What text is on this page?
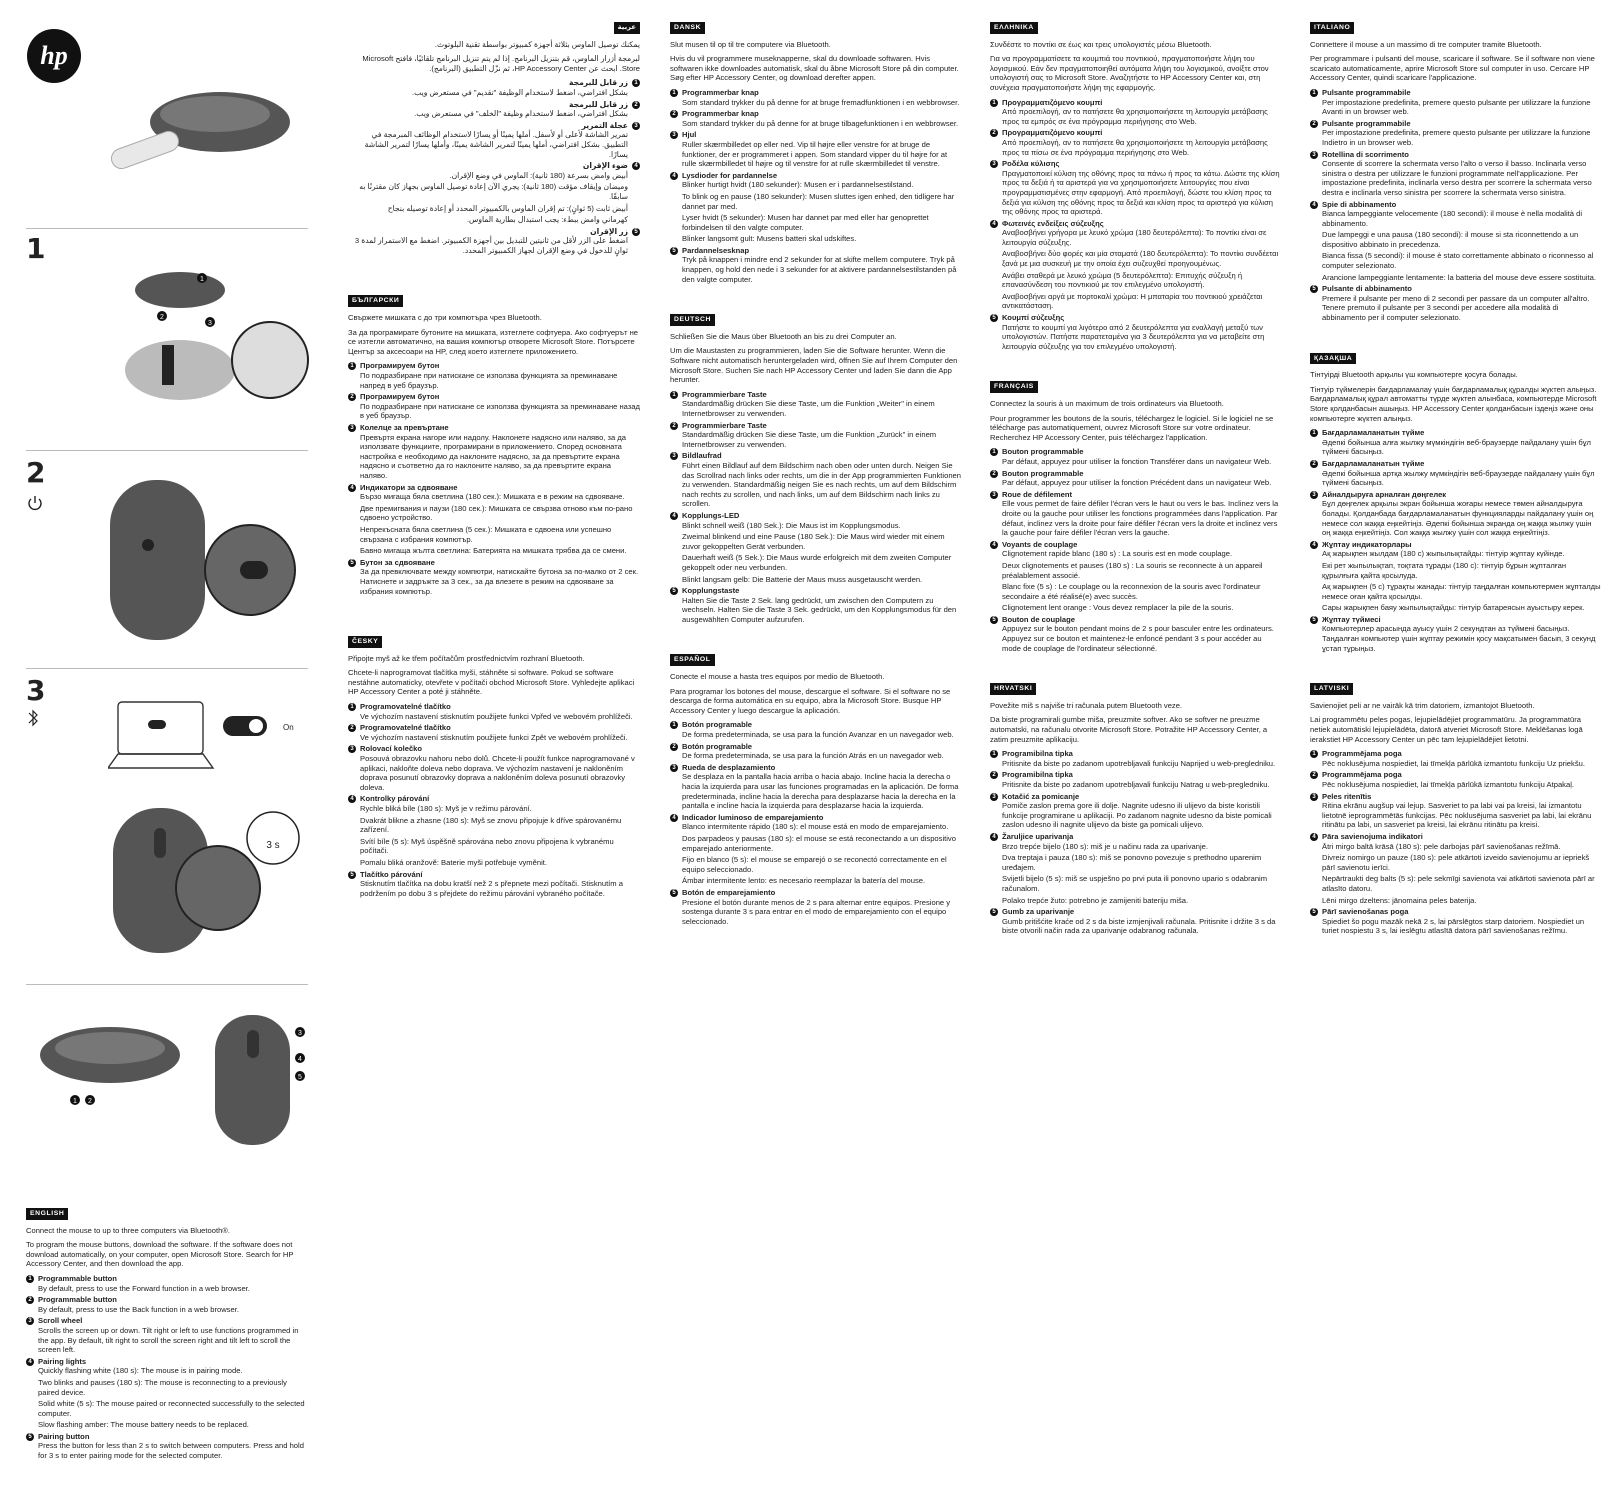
hp
1
1
2
3
2
3
On
3 s
1 2
3
4
5
ENGLISH

Connect the mouse to up to three computers via Bluetooth®.

To program the mouse buttons, download the software. If the software does not download automatically, on your computer, open Microsoft Store. Search for HP Accessory Center, and then download the app.

1 Programmable button

By default, press to use the Forward function in a web browser.

2 Programmable button

By default, press to use the Back function in a web browser.

3 Scroll wheel

Scrolls the screen up or down. Tilt right or left to use functions programmed in the app. By default, tilt right to scroll the screen right and tilt left to scroll the screen left.

4 Pairing lights

Quickly flashing white (180 s): The mouse is in pairing mode.

Two blinks and pauses (180 s): The mouse is reconnecting to a previously paired device.

Solid white (5 s): The mouse paired or reconnected successfully to the selected computer.

Slow flashing amber: The mouse battery needs to be replaced.

5 Pairing button

Press the button for less than 2 s to switch between computers. Press and hold for 3 s to enter pairing mode for the selected computer.

عربية

يمكنك توصيل الماوس بثلاثة أجهزة كمبيوتر بواسطة تقنية البلوتوث.

لبرمجة أزرار الماوس، قم بتنزيل البرنامج. إذا لم يتم تنزيل البرنامج تلقائيًا، فافتح Microsoft Store. ابحث عن HP Accessory Center، ثم نزّل التطبيق (البرنامج).

1
زر قابل للبرمجة

بشكل افتراضي، اضغط لاستخدام الوظيفة "تقديم" في مستعرض ويب.

2
زر قابل للبرمجة

بشكل افتراضي، اضغط لاستخدام وظيفة "الخلف" في مستعرض ويب.

3
عجلة التمرير

تمرير الشاشة لأعلى أو لأسفل. أملها يمينًا أو يسارًا لاستخدام الوظائف المبرمجة في التطبيق. بشكل افتراضي، أملها يمينًا لتمرير الشاشة يمينًا، وأملها يسارًا لتمرير الشاشة يسارًا.

4
ضوء الإقران

أبيض وامض بسرعة (180 ثانية): الماوس في وضع الإقران.

وميضان وإيقاف مؤقت (180 ثانية): يجري الآن إعادة توصيل الماوس بجهاز كان مقترنًا به سابقًا.

أبيض ثابت (5 ثوانٍ): تم إقران الماوس بالكمبيوتر المحدد أو إعادة توصيله بنجاح

كهرماني وامض ببطء: يجب استبدال بطارية الماوس.

5
زر الإقران

اضغط على الزر لأقل من ثانيتين للتبديل بين أجهزة الكمبيوتر. اضغط مع الاستمرار لمدة 3 ثوانٍ للدخول في وضع الإقران لجهاز الكمبيوتر المحدد.

БЪЛГАРСКИ

Свържете мишката с до три компютъра чрез Bluetooth.

За да програмирате бутоните на мишката, изтеглете софтуера. Ако софтуерът не се изтегли автоматично, на вашия компютър отворете Microsoft Store. Потърсете Център за аксесоари на HP, след което изтеглете приложението.

1 Програмируем бутон

По подразбиране при натискане се използва функцията за преминаване напред в уеб браузър.

2 Програмируем бутон

По подразбиране при натискане се използва функцията за преминаване назад в уеб браузър.

3 Колелце за превъртане

Превъртя екрана нагоре или надолу. Наклонете надясно или наляво, за да използвате функциите, програмирани в приложението. Според основната настройка е необходимо да наклоните надясно, за да превъртите екрана надясно и съответно да го наклоните наляво, за да превъртите екрана наляво.

4 Индикатори за сдвояване

Бързо мигаща бяла светлина (180 сек.): Мишката е в режим на сдвояване.

Две премигвания и паузи (180 сек.): Мишката се свързва отново към по-рано сдвоено устройство.

Непрекъсната бяла светлина (5 сек.): Мишката е сдвоена или успешно свързана с избрания компютър.

Бавно мигаща жълта светлина: Батерията на мишката трябва да се смени.

5 Бутон за сдвояване

За да превключвате между компютри, натискайте бутона за по-малко от 2 сек. Натиснете и задръжте за 3 сек., за да влезете в режим на сдвояване за избрания компютър.

ČESKY

Připojte myš až ke třem počítačům prostřednictvím rozhraní Bluetooth.

Chcete-li naprogramovat tlačítka myši, stáhněte si software. Pokud se software nestáhne automaticky, otevřete v počítači obchod Microsoft Store. Vyhledejte aplikaci HP Accessory Center a poté ji stáhněte.

1 Programovatelné tlačítko

Ve výchozím nastavení stisknutím použijete funkci Vpřed ve webovém prohlížeči.

2 Programovatelné tlačítko

Ve výchozím nastavení stisknutím použijete funkci Zpět ve webovém prohlížeči.

3 Rolovací kolečko

Posouvá obrazovku nahoru nebo dolů. Chcete-li použít funkce naprogramované v aplikaci, nakloňte doleva nebo doprava. Ve výchozím nastavení je nakloněním doprava posunutí obrazovky doprava a nakloněním doleva posunutí obrazovky doleva.

4 Kontrolky párování

Rychle bliká bíle (180 s): Myš je v režimu párování.

Dvakrát blikne a zhasne (180 s): Myš se znovu připojuje k dříve spárovanému zařízení.

Svítí bíle (5 s): Myš úspěšně spárována nebo znovu připojena k vybranému počítači.

Pomalu bliká oranžově: Baterie myši potřebuje vyměnit.

5 Tlačítko párování

Stisknutím tlačítka na dobu kratší než 2 s přepnete mezi počítači. Stisknutím a podržením po dobu 3 s přejdete do režimu párování vybraného počítače.

DANSK

Slut musen til op til tre computere via Bluetooth.

Hvis du vil programmere museknapperne, skal du downloade softwaren. Hvis softwaren ikke downloades automatisk, skal du åbne Microsoft Store på din computer. Søg efter HP Accessory Center, og download derefter appen.

1 Programmerbar knap

Som standard trykker du på denne for at bruge fremadfunktionen i en webbrowser.

2 Programmerbar knap

Som standard trykker du på denne for at bruge tilbagefunktionen i en webbrowser.

3 Hjul

Ruller skærmbilledet op eller ned. Vip til højre eller venstre for at bruge de funktioner, der er programmeret i appen. Som standard vipper du til højre for at rulle skærmbilledet til højre og til venstre for at rulle skærmbilledet til venstre.

4 Lysdioder for pardannelse

Blinker hurtigt hvidt (180 sekunder): Musen er i pardannelsestilstand.

To blink og en pause (180 sekunder): Musen sluttes igen enhed, den tidligere har dannet par med.

Lyser hvidt (5 sekunder): Musen har dannet par med eller har genoprettet forbindelsen til den valgte computer.

Blinker langsomt gult: Musens batteri skal udskiftes.

5 Pardannelsesknap

Tryk på knappen i mindre end 2 sekunder for at skifte mellem computere. Tryk på knappen, og hold den nede i 3 sekunder for at aktivere pardannelsestilstanden på den valgte computer.

DEUTSCH

Schließen Sie die Maus über Bluetooth an bis zu drei Computer an.

Um die Maustasten zu programmieren, laden Sie die Software herunter. Wenn die Software nicht automatisch heruntergeladen wird, öffnen Sie auf Ihrem Computer den Microsoft Store. Suchen Sie nach HP Accessory Center und laden Sie dann die App herunter.

1 Programmierbare Taste

Standardmäßig drücken Sie diese Taste, um die Funktion „Weiter" in einem Internetbrowser zu verwenden.

2 Programmierbare Taste

Standardmäßig drücken Sie diese Taste, um die Funktion „Zurück" in einem Internetbrowser zu verwenden.

3 Bildlaufrad

Führt einen Bildlauf auf dem Bildschirm nach oben oder unten durch. Neigen Sie das Scrollrad nach links oder rechts, um die in der App programmierten Funktionen zu verwenden. Standardmäßig neigen Sie es nach rechts, um auf dem Bildschirm nach rechts zu scrollen, und nach links, um auf dem Bildschirm nach links zu scrollen.

4 Kopplungs-LED

Blinkt schnell weiß (180 Sek.): Die Maus ist im Kopplungsmodus.

Zweimal blinkend und eine Pause (180 Sek.): Die Maus wird wieder mit einem zuvor gekoppelten Gerät verbunden.

Dauerhaft weiß (5 Sek.): Die Maus wurde erfolgreich mit dem zweiten Computer gekoppelt oder neu verbunden.

Blinkt langsam gelb: Die Batterie der Maus muss ausgetauscht werden.

5 Kopplungstaste

Halten Sie die Taste 2 Sek. lang gedrückt, um zwischen den Computern zu wechseln. Halten Sie die Taste 3 Sek. gedrückt, um den Kopplungsmodus für den ausgewählten Computer aufzurufen.

ESPAÑOL

Conecte el mouse a hasta tres equipos por medio de Bluetooth.

Para programar los botones del mouse, descargue el software. Si el software no se descarga de forma automática en su equipo, abra la Microsoft Store. Busque HP Accessory Center y luego descargue la aplicación.

1 Botón programable

De forma predeterminada, se usa para la función Avanzar en un navegador web.

2 Botón programable

De forma predeterminada, se usa para la función Atrás en un navegador web.

3 Rueda de desplazamiento

Se desplaza en la pantalla hacia arriba o hacia abajo. Incline hacia la derecha o hacia la izquierda para usar las funciones programadas en la aplicación. De forma predeterminada, incline hacia la derecha para desplazarse hacia la derecha en la pantalla e incline hacia la izquierda para desplazarse hacia la izquierda.

4 Indicador luminoso de emparejamiento

Blanco intermitente rápido (180 s): el mouse está en modo de emparejamiento.

Dos parpadeos y pausas (180 s): el mouse se está reconectando a un dispositivo emparejado anteriormente.

Fijo en blanco (5 s): el mouse se emparejó o se reconectó correctamente en el equipo seleccionado.

Ámbar intermitente lento: es necesario reemplazar la batería del mouse.

5 Botón de emparejamiento

Presione el botón durante menos de 2 s para alternar entre equipos. Presione y sostenga durante 3 s para entrar en el modo de emparejamiento con el equipo seleccionado.

ΕΛΛΗΝΙΚΑ

Συνδέστε το ποντίκι σε έως και τρεις υπολογιστές μέσω Bluetooth.

Για να προγραμματίσετε τα κουμπιά του ποντικιού, πραγματοποιήστε λήψη του λογισμικού. Εάν δεν πραγματοποιηθεί αυτόματα λήψη του λογισμικού, ανοίξτε στον υπολογιστή σας το Microsoft Store. Αναζητήστε το HP Accessory Center και, στη συνέχεια πραγματοποιήστε λήψη της εφαρμογής.

1 Προγραμματιζόμενο κουμπί

Από προεπιλογή, αν το πατήσετε θα χρησιμοποιήσετε τη λειτουργία μετάβασης προς τα εμπρός σε ένα πρόγραμμα περιήγησης στο Web.

2 Προγραμματιζόμενο κουμπί

Από προεπιλογή, αν το πατήσετε θα χρησιμοποιήσετε τη λειτουργία μετάβασης προς τα πίσω σε ένα πρόγραμμα περιήγησης στο Web.

3 Ροδέλα κύλισης

Πραγματοποιεί κύλιση της οθόνης προς τα πάνω ή προς τα κάτω. Δώστε της κλίση προς τα δεξιά ή τα αριστερά για να χρησιμοποιήσετε λειτουργίες που είναι προγραμματισμένες στην εφαρμογή. Από προεπιλογή, δώστε του κλίση προς τα δεξιά για κύλιση της οθόνης προς τα δεξιά και κλίση προς τα αριστερά για κύλιση της οθόνης προς τα αριστερά.

4 Φωτεινές ενδείξεις σύζευξης

Αναβοσβήνει γρήγορα με λευκό χρώμα (180 δευτερόλεπτα): Το ποντίκι είναι σε λειτουργία σύζευξης.

Αναβοσβήνει δύο φορές και μία σταματά (180 δευτερόλεπτα): Το ποντίκι συνδέεται ξανά με μια συσκευή με την οποία έχει συζευχθεί προηγουμένως.

Ανάβει σταθερά με λευκό χρώμα (5 δευτερόλεπτα): Επιτυχής σύζευξη ή επανασύνδεση του ποντικιού με τον επιλεγμένο υπολογιστή.

Αναβοσβήνει αργά με πορτοκαλί χρώμα: Η μπαταρία του ποντικιού χρειάζεται αντικατάσταση.

5 Κουμπί σύζευξης

Πατήστε το κουμπί για λιγότερο από 2 δευτερόλεπτα για εναλλαγή μεταξύ των υπολογιστών. Πατήστε παρατεταμένα για 3 δευτερόλεπτα για να μεταβείτε στη λειτουργία σύζευξης για τον επιλεγμένο υπολογιστή.

FRANÇAIS

Connectez la souris à un maximum de trois ordinateurs via Bluetooth.

Pour programmer les boutons de la souris, téléchargez le logiciel. Si le logiciel ne se télécharge pas automatiquement, ouvrez Microsoft Store sur votre ordinateur. Recherchez HP Accessory Center, puis téléchargez l'application.

1 Bouton programmable

Par défaut, appuyez pour utiliser la fonction Transférer dans un navigateur Web.

2 Bouton programmable

Par défaut, appuyez pour utiliser la fonction Précédent dans un navigateur Web.

3 Roue de défilement

Elle vous permet de faire défiler l'écran vers le haut ou vers le bas. Inclinez vers la droite ou la gauche pour utiliser les fonctions programmées dans l'application. Par défaut, inclinez vers la droite pour faire défiler l'écran vers la droite et inclinez vers la gauche pour faire défiler l'écran vers la gauche.

4 Voyants de couplage

Clignotement rapide blanc (180 s) : La souris est en mode couplage.

Deux clignotements et pauses (180 s) : La souris se reconnecte à un appareil préalablement associé.

Blanc fixe (5 s) : Le couplage ou la reconnexion de la souris avec l'ordinateur secondaire a été réalisé(e) avec succès.

Clignotement lent orange : Vous devez remplacer la pile de la souris.

5 Bouton de couplage

Appuyez sur le bouton pendant moins de 2 s pour basculer entre les ordinateurs. Appuyez sur ce bouton et maintenez-le enfoncé pendant 3 s pour accéder au mode de couplage de l'ordinateur sélectionné.

HRVATSKI

Povežite miš s najviše tri računala putem Bluetooth veze.

Da biste programirali gumbe miša, preuzmite softver. Ako se softver ne preuzme automatski, na računalu otvorite Microsoft Store. Potražite HP Accessory Center, a zatim preuzmite aplikaciju.

1 Programibilna tipka

Pritisnite da biste po zadanom upotrebljavali funkciju Naprijed u web-pregledniku.

2 Programibilna tipka

Pritisnite da biste po zadanom upotrebljavali funkciju Natrag u web-pregledniku.

3 Kotačić za pomicanje

Pomiče zaslon prema gore ili dolje. Nagnite udesno ili ulijevo da biste koristili funkcije programirane u aplikaciji. Po zadanom nagnite udesno da biste pomicali zaslon udesno ili nagnite ulijevo da biste ga pomicali ulijevo.

4 Žaruljice uparivanja

Brzo trepće bijelo (180 s): miš je u načinu rada za uparivanje.

Dva treptaja i pauza (180 s): miš se ponovno povezuje s prethodno uparenim uređajem.

Svijetli bijelo (5 s): miš se uspješno po prvi puta ili ponovno upario s odabranim računalom.

Polako trepće žuto: potrebno je zamijeniti bateriju miša.

5 Gumb za uparivanje

Gumb pritišćite kraće od 2 s da biste izmjenjivali računala. Pritisnite i držite 3 s da biste otvorili način rada za uparivanje odabranog računala.

ITALIANO

Connettere il mouse a un massimo di tre computer tramite Bluetooth.

Per programmare i pulsanti del mouse, scaricare il software. Se il software non viene scaricato automaticamente, aprire Microsoft Store sul computer in uso. Cercare HP Accessory Center, quindi scaricare l'applicazione.

1 Pulsante programmabile

Per impostazione predefinita, premere questo pulsante per utilizzare la funzione Avanti in un browser web.

2 Pulsante programmabile

Per impostazione predefinita, premere questo pulsante per utilizzare la funzione Indietro in un browser web.

3 Rotellina di scorrimento

Consente di scorrere la schermata verso l'alto o verso il basso. Inclinarla verso sinistra o destra per utilizzare le funzioni programmate nell'applicazione. Per impostazione predefinita, inclinarla verso destra per scorrere la schermata verso destra e inclinarla verso sinistra per scorrere la schermata verso sinistra.

4 Spie di abbinamento

Bianca lampeggiante velocemente (180 secondi): il mouse è nella modalità di abbinamento.

Due lampeggi e una pausa (180 secondi): il mouse si sta riconnettendo a un dispositivo abbinato in precedenza.

Bianca fissa (5 secondi): il mouse è stato correttamente abbinato o riconnesso al computer selezionato.

Arancione lampeggiante lentamente: la batteria del mouse deve essere sostituita.

5 Pulsante di abbinamento

Premere il pulsante per meno di 2 secondi per passare da un computer all'altro. Tenere premuto il pulsante per 3 secondi per accedere alla modalità di abbinamento per il computer selezionato.

ҚАЗАҚША

Тінтуірді Bluetooth арқылы үш компьютерге қосуға болады.

Тінтуір түймелерін бағдарламалау үшін бағдарламалық құралды жүктеп алыңыз. Бағдарламалық құрал автоматты түрде жүктеп алынбаса, компьютерде Microsoft Store қолданбасын ашыңыз. HP Accessory Center қолданбасын іздеңіз және оны компьютерге жүктеп алыңыз.

1 Бағдарламаланатын түйме

Әдепкі бойынша алға жылжу мүмкіндігін веб-браузерде пайдалану үшін бұл түймені басыңыз.

2 Бағдарламаланатын түйме

Әдепкі бойынша артқа жылжу мүмкіндігін веб-браузерде пайдалану үшін бұл түймені басыңыз.

3 Айналдыруға арналған дөңгелек

Бұл дөңгелек арқылы экран бойынша жоғары немесе төмен айналдыруға болады. Қолданбада бағдарламаланатын функцияларды пайдалану үшін оң немесе сол жаққа еңкейтіңіз. Әдепкі бойынша экранда оң жаққа жылжу үшін оң жаққа еңкейтіңіз. Сол жаққа жылжу үшін сол жаққа еңкейтіңіз.

4 Жұптау индикаторлары

Ақ жарықпен жылдам (180 с) жыпылықтайды: тінтуір жұптау күйінде.

Екі рет жыпылықтап, тоқтата тұрады (180 с): тінтуір бұрын жұпталған құрылғыға қайта қосылуда.

Ақ жарықпен (5 с) тұрақты жанады: тінтуір таңдалған компьютермен жұпталды немесе оған қайта қосылды.

Сары жарықпен баяу жыпылықтайды: тінтуір батареясын ауыстыру керек.

5 Жұптау түймесі

Компьютерлер арасында ауысу үшін 2 секундтан аз түймені басыңыз. Таңдалған компьютер үшін жұптау режимін қосу мақсатымен басып, 3 секунд ұстап тұрыңыз.

LATVISKI

Savienojiet peli ar ne vairāk kā trim datoriem, izmantojot Bluetooth.

Lai programmētu peles pogas, lejupielādējiet programmatūru. Ja programmatūra netiek automātiski lejupielādēta, datorā atveriet Microsoft Store. Meklēšanas logā ierakstiet HP Accessory Center un pēc tam lejupielādējiet lietotni.

1 Programmējama poga

Pēc noklusējuma nospiediet, lai tīmekļa pārlūkā izmantotu funkciju Uz priekšu.

2 Programmējama poga

Pēc noklusējuma nospiediet, lai tīmekļa pārlūkā izmantotu funkciju Atpakaļ.

3 Peles ritenītis

Ritina ekrānu augšup vai lejup. Sasveriet to pa labi vai pa kreisi, lai izmantotu lietotnē ieprogrammētās funkcijas. Pēc noklusējuma sasveriet pa labi, lai ekrānu ritinātu pa labi, un sasveriet pa kreisi, lai ekrānu ritinātu pa kreisi.

4 Pāra savienojuma indikatori

Ātri mirgo baltā krāsā (180 s): pele darbojas pārī savienošanas režīmā.

Divreiz nomirgo un pauze (180 s): pele atkārtoti izveido savienojumu ar iepriekš pārī savienotu ierīci.

Nepārtraukti deg balts (5 s): pele sekmīgi savienota vai atkārtoti savienota pārī ar atlasīto datoru.

Lēni mirgo dzeltens: jānomaina peles baterija.

5 Pārī savienošanas poga

Spiediet šo pogu mazāk nekā 2 s, lai pārslēgtos starp datoriem. Nospiediet un turiet nospiestu 3 s, lai ieslēgtu atlasītā datora pārī savienošanas režīmu.
